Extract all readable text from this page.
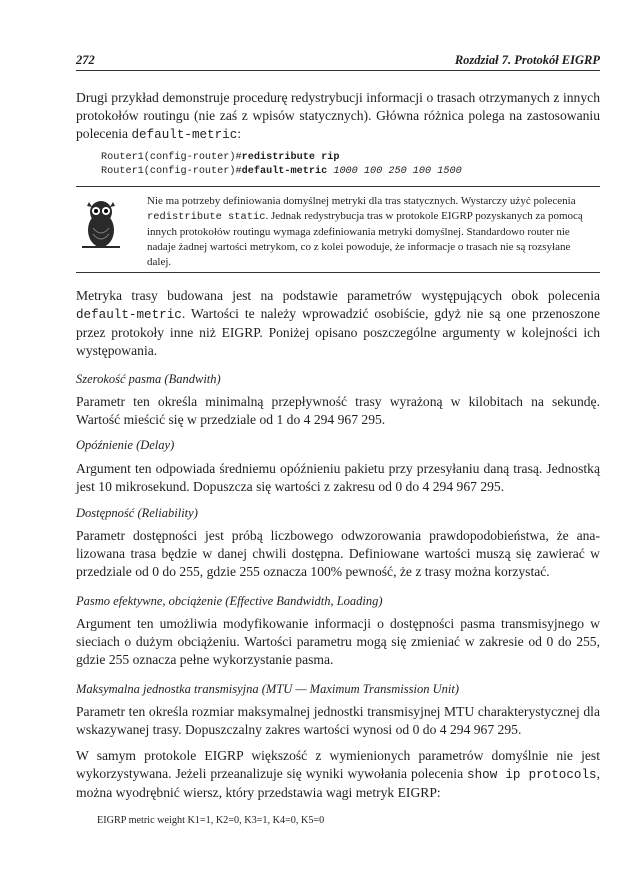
272	Rozdział 7. Protokół EIGRP

Drugi przykład demonstruje procedurę redystrybucji informacji o trasach otrzymanych z innych protokołów routingu (nie zaś z wpisów statycznych). Główna różnica polega na zastosowaniu polecenia default-metric:

Router1(config-router)#redistribute rip
Router1(config-router)#default-metric 1000 100 250 100 1500
Nie ma potrzeby definiowania domyślnej metryki dla tras statycznych. Wystarczy użyć polecenia redistribute static. Jednak redystrybucja tras w protokole EIGRP pozyskanych za pomocą innych protokołów routingu wymaga zdefiniowania metryki domyślnej. Standardowo router nie nadaje żadnej wartości metrykom, co z kolei powoduje, że informacje o trasach nie są rozsyłane dalej.

Metryka trasy budowana jest na podstawie parametrów występujących obok polecenia default-metric. Wartości te należy wprowadzić osobiście, gdyż nie są one przenoszone przez protokoły inne niż EIGRP. Poniżej opisano poszczególne argumenty w kolejności ich występowania.

Szerokość pasma (Bandwith)

Parametr ten określa minimalną przepływność trasy wyrażoną w kilobitach na sekundę. Wartość mieścić się w przedziale od 1 do 4 294 967 295.

Opóźnienie (Delay)

Argument ten odpowiada średniemu opóźnieniu pakietu przy przesyłaniu daną trasą. Jednostką jest 10 mikrosekund. Dopuszcza się wartości z zakresu od 0 do 4 294 967 295.

Dostępność (Reliability)

Parametr dostępności jest próbą liczbowego odwzorowania prawdopodobieństwa, że analizowana trasa będzie w danej chwili dostępna. Definiowane wartości muszą się zawierać w przedziale od 0 do 255, gdzie 255 oznacza 100% pewność, że z trasy można korzystać.

Pasmo efektywne, obciążenie (Effective Bandwidth, Loading)

Argument ten umożliwia modyfikowanie informacji o dostępności pasma transmisyjnego w sieciach o dużym obciążeniu. Wartości parametru mogą się zmieniać w zakresie od 0 do 255, gdzie 255 oznacza pełne wykorzystanie pasma.

Maksymalna jednostka transmisyjna (MTU — Maximum Transmission Unit)

Parametr ten określa rozmiar maksymalnej jednostki transmisyjnej MTU charakterystycznej dla wskazywanej trasy. Dopuszczalny zakres wartości wynosi od 0 do 4 294 967 295.

W samym protokole EIGRP większość z wymienionych parametrów domyślnie nie jest wykorzystywana. Jeżeli przeanalizuje się wyniki wywołania polecenia show ip protocols, można wyodrębnić wiersz, który przedstawia wagi metryk EIGRP:

EIGRP metric weight K1=1, K2=0, K3=1, K4=0, K5=0
